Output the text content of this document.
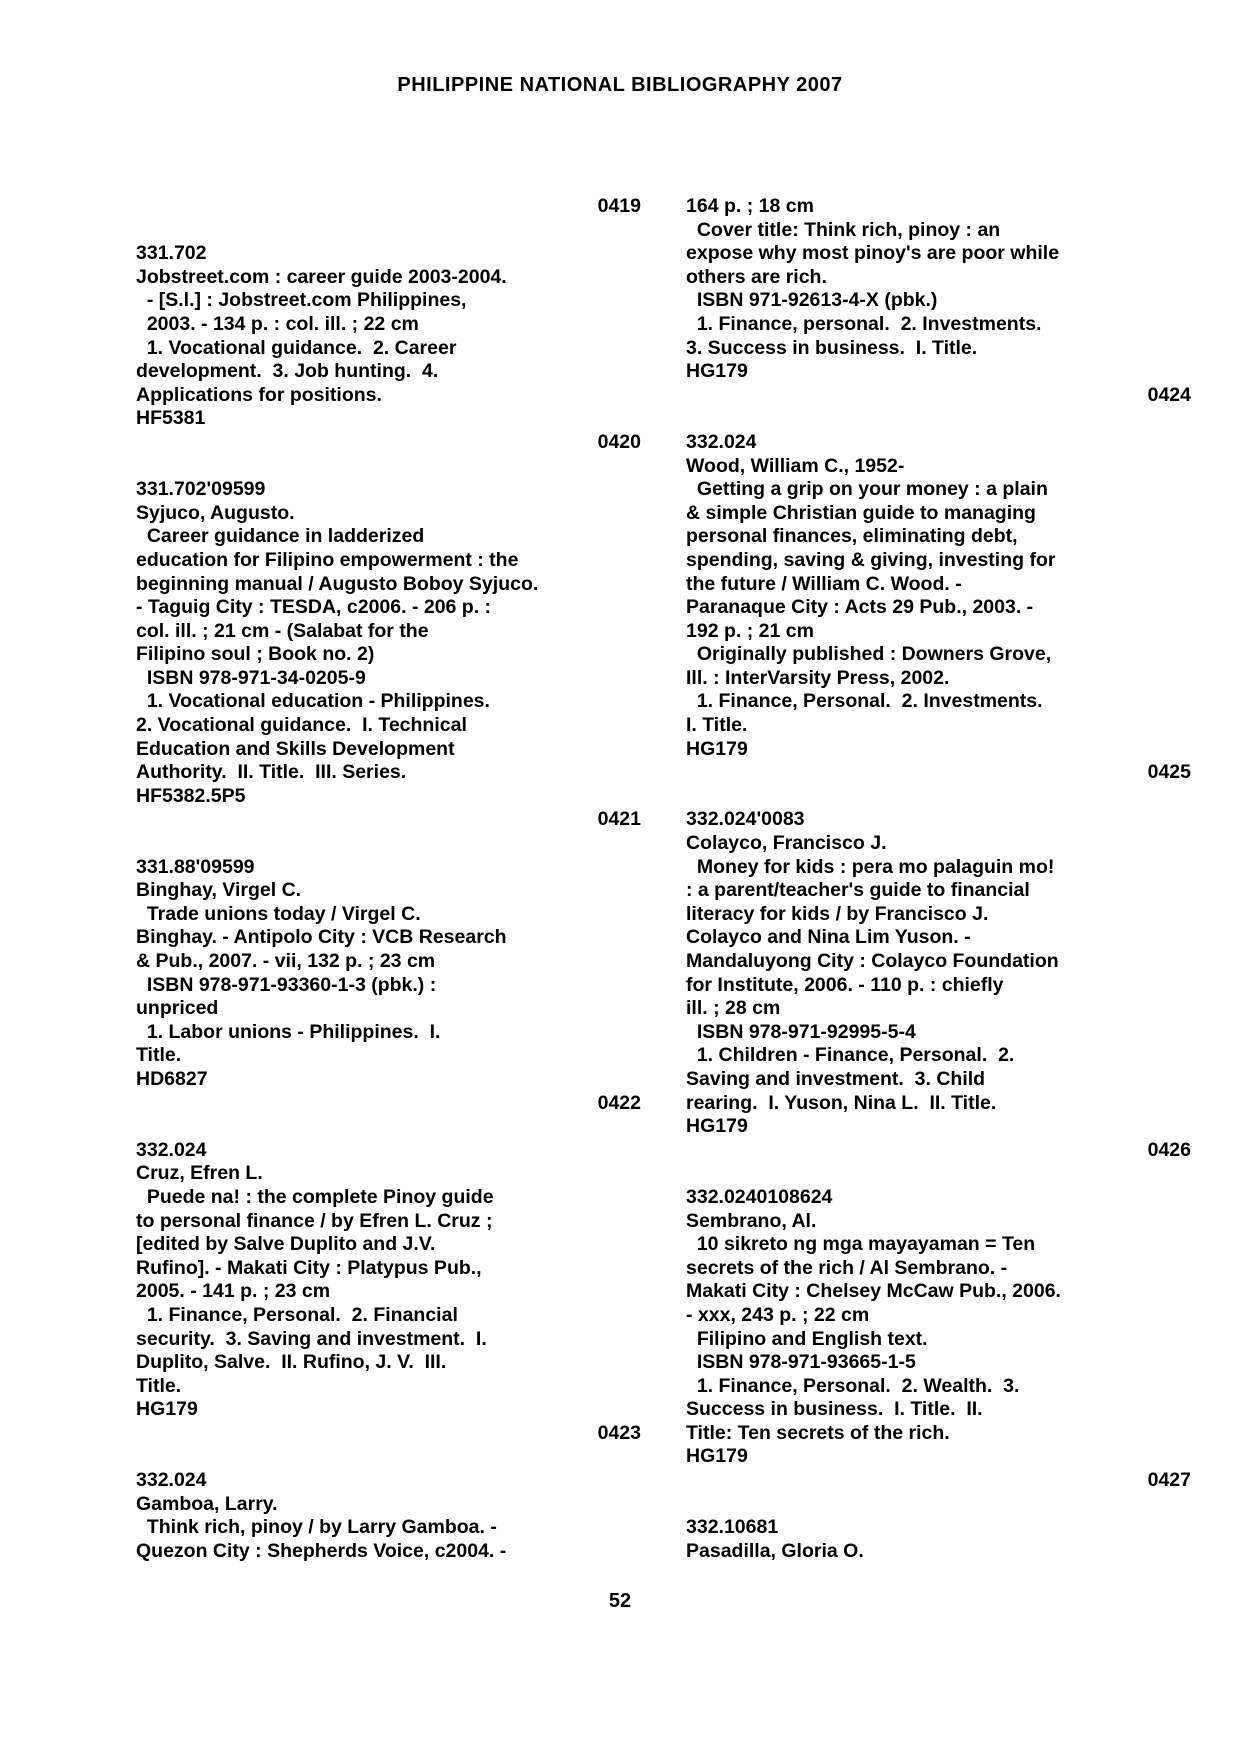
PHILIPPINE NATIONAL BIBLIOGRAPHY 2007
0419
331.702
Jobstreet.com : career guide 2003-2004.
- [S.l.] : Jobstreet.com Philippines,
2003. - 134 p. : col. ill. ; 22 cm
1. Vocational guidance.  2. Career
development.  3. Job hunting.  4.
Applications for positions.
HF5381
0420
331.702'09599
Syjuco, Augusto.
Career guidance in ladderized
education for Filipino empowerment : the
beginning manual / Augusto Boboy Syjuco.
- Taguig City : TESDA, c2006. - 206 p. :
col. ill. ; 21 cm - (Salabat for the
Filipino soul ; Book no. 2)
ISBN 978-971-34-0205-9
1. Vocational education - Philippines.
2. Vocational guidance.  I. Technical
Education and Skills Development
Authority.  II. Title.  III. Series.
HF5382.5P5
0421
331.88'09599
Binghay, Virgel C.
Trade unions today / Virgel C.
Binghay. - Antipolo City : VCB Research
& Pub., 2007. - vii, 132 p. ; 23 cm
ISBN 978-971-93360-1-3 (pbk.) :
unpriced
1. Labor unions - Philippines.  I.
Title.
HD6827
0422
332.024
Cruz, Efren L.
Puede na! : the complete Pinoy guide
to personal finance / by Efren L. Cruz ;
[edited by Salve Duplito and J.V.
Rufino]. - Makati City : Platypus Pub.,
2005. - 141 p. ; 23 cm
1. Finance, Personal.  2. Financial
security.  3. Saving and investment.  I.
Duplito, Salve.  II. Rufino, J. V.  III.
Title.
HG179
0423
332.024
Gamboa, Larry.
Think rich, pinoy / by Larry Gamboa. -
Quezon City : Shepherds Voice, c2004. -
164 p. ; 18 cm
Cover title: Think rich, pinoy : an
expose why most pinoy's are poor while
others are rich.
ISBN 971-92613-4-X (pbk.)
1. Finance, personal.  2. Investments.
3. Success in business.  I. Title.
HG179
0424
332.024
Wood, William C., 1952-
Getting a grip on your money : a plain
& simple Christian guide to managing
personal finances, eliminating debt,
spending, saving & giving, investing for
the future / William C. Wood. -
Paranaque City : Acts 29 Pub., 2003. -
192 p. ; 21 cm
Originally published : Downers Grove,
Ill. : InterVarsity Press, 2002.
1. Finance, Personal.  2. Investments.
I. Title.
HG179
0425
332.024'0083
Colayco, Francisco J.
Money for kids : pera mo palaguin mo!
: a parent/teacher's guide to financial
literacy for kids / by Francisco J.
Colayco and Nina Lim Yuson. -
Mandaluyong City : Colayco Foundation
for Institute, 2006. - 110 p. : chiefly
ill. ; 28 cm
ISBN 978-971-92995-5-4
1. Children - Finance, Personal.  2.
Saving and investment.  3. Child
rearing.  I. Yuson, Nina L.  II. Title.
HG179
0426
332.0240108624
Sembrano, Al.
10 sikreto ng mga mayayaman = Ten
secrets of the rich / Al Sembrano. -
Makati City : Chelsey McCaw Pub., 2006.
- xxx, 243 p. ; 22 cm
Filipino and English text.
ISBN 978-971-93665-1-5
1. Finance, Personal.  2. Wealth.  3.
Success in business.  I. Title.  II.
Title: Ten secrets of the rich.
HG179
0427
332.10681
Pasadilla, Gloria O.
52
